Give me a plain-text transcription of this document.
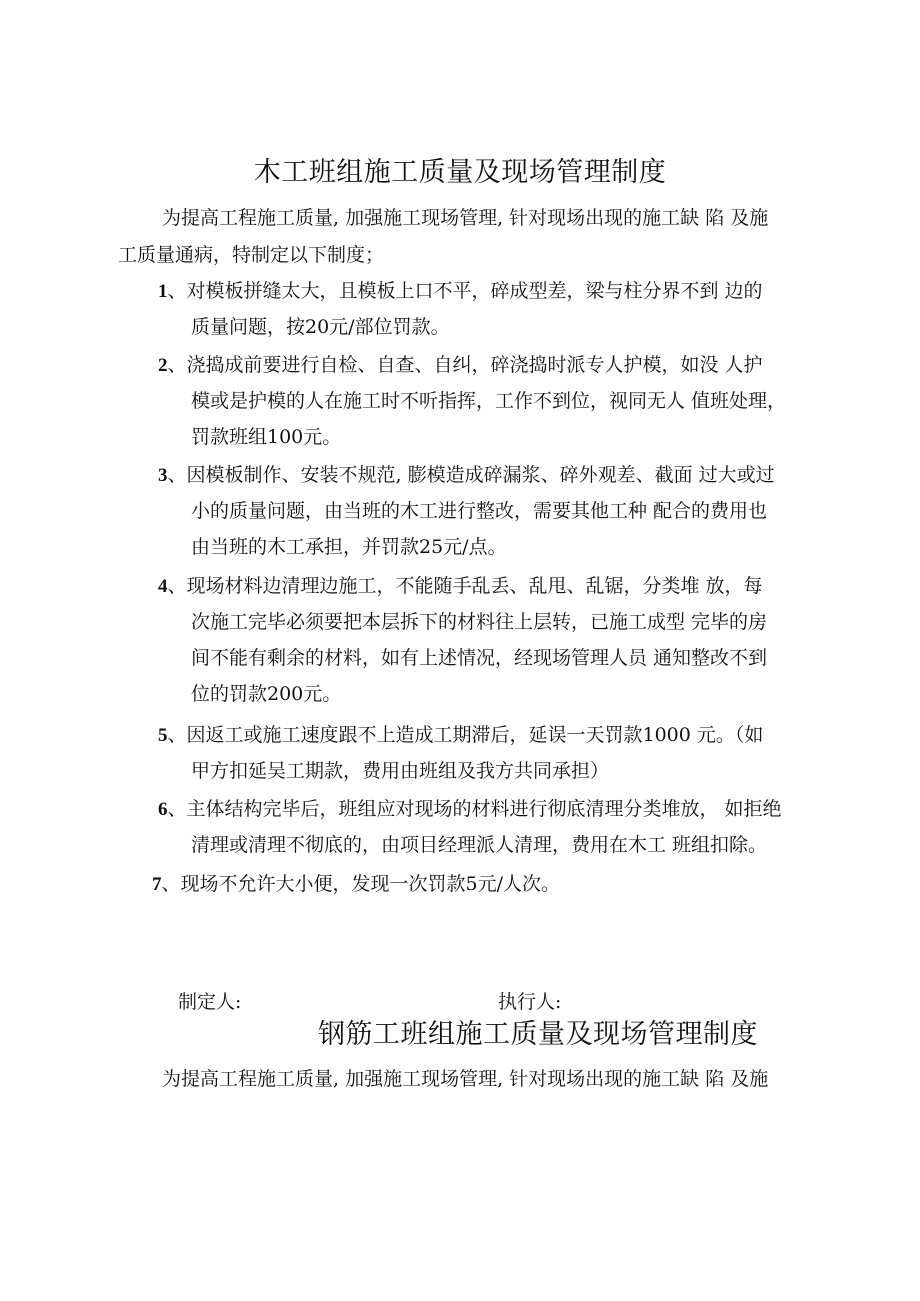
木工班组施工质量及现场管理制度

为提高工程施工质量, 加强施工现场管理, 针对现场出现的施工缺 陷 及施

工质量通病，特制定以下制度；

1、对模板拼缝太大，且模板上口不平，碎成型差，梁与柱分界不到 边的
质量问题，按20元/部位罚款。
2、浇捣成前要进行自检、自查、自纠，碎浇捣时派专人护模，如没 人护
模或是护模的人在施工时不听指挥，工作不到位，视同无人 值班处理，
罚款班组100元。
3、因模板制作、安装不规范, 膨模造成碎漏浆、碎外观差、截面 过大或过
小的质量问题，由当班的木工进行整改，需要其他工种 配合的费用也
由当班的木工承担，并罚款25元/点。
4、现场材料边清理边施工，不能随手乱丢、乱甩、乱锯，分类堆 放，每
次施工完毕必须要把本层拆下的材料往上层转，已施工成型 完毕的房
间不能有剩余的材料，如有上述情况，经现场管理人员 通知整改不到
位的罚款200元。
5、因返工或施工速度跟不上造成工期滞后，延误一天罚款1000 元。（如
甲方扣延吴工期款，费用由班组及我方共同承担）
6、主体结构完毕后，班组应对现场的材料进行彻底清理分类堆放， 如拒绝
清理或清理不彻底的，由项目经理派人清理，费用在木工 班组扣除。
7、现场不允许大小便，发现一次罚款5元/人次。
制定人:	执行人:
钢筋工班组施工质量及现场管理制度

为提高工程施工质量, 加强施工现场管理, 针对现场出现的施工缺 陷 及施
